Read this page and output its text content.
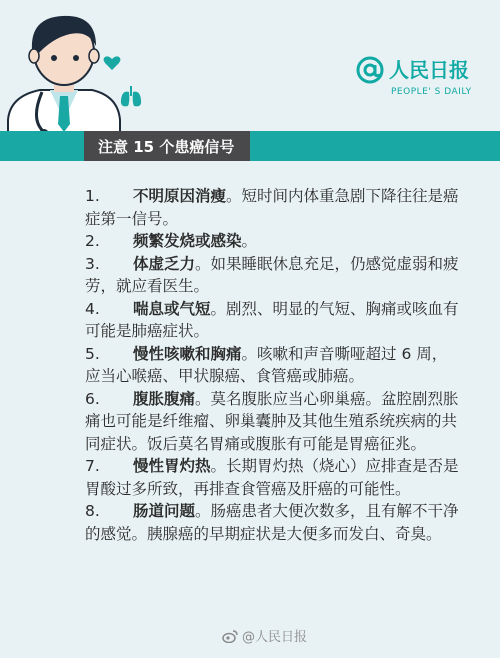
人民日报
PEOPLE' S DAILY
注意 15 个患癌信号

1.不明原因消瘦。短时间内体重急剧下降往往是癌症第一信号。

2.频繁发烧或感染。

3.体虚乏力。如果睡眠休息充足，仍感觉虚弱和疲劳，就应看医生。

4.喘息或气短。剧烈、明显的气短、胸痛或咳血有可能是肺癌症状。

5.慢性咳嗽和胸痛。咳嗽和声音嘶哑超过 6 周，应当心喉癌、甲状腺癌、食管癌或肺癌。

6.腹胀腹痛。莫名腹胀应当心卵巢癌。盆腔剧烈胀痛也可能是纤维瘤、卵巢囊肿及其他生殖系统疾病的共同症状。饭后莫名胃痛或腹胀有可能是胃癌征兆。

7.慢性胃灼热。长期胃灼热（烧心）应排查是否是胃酸过多所致，再排查食管癌及肝癌的可能性。

8.肠道问题。肠癌患者大便次数多，且有解不干净的感觉。胰腺癌的早期症状是大便多而发白、奇臭。

@人民日报
